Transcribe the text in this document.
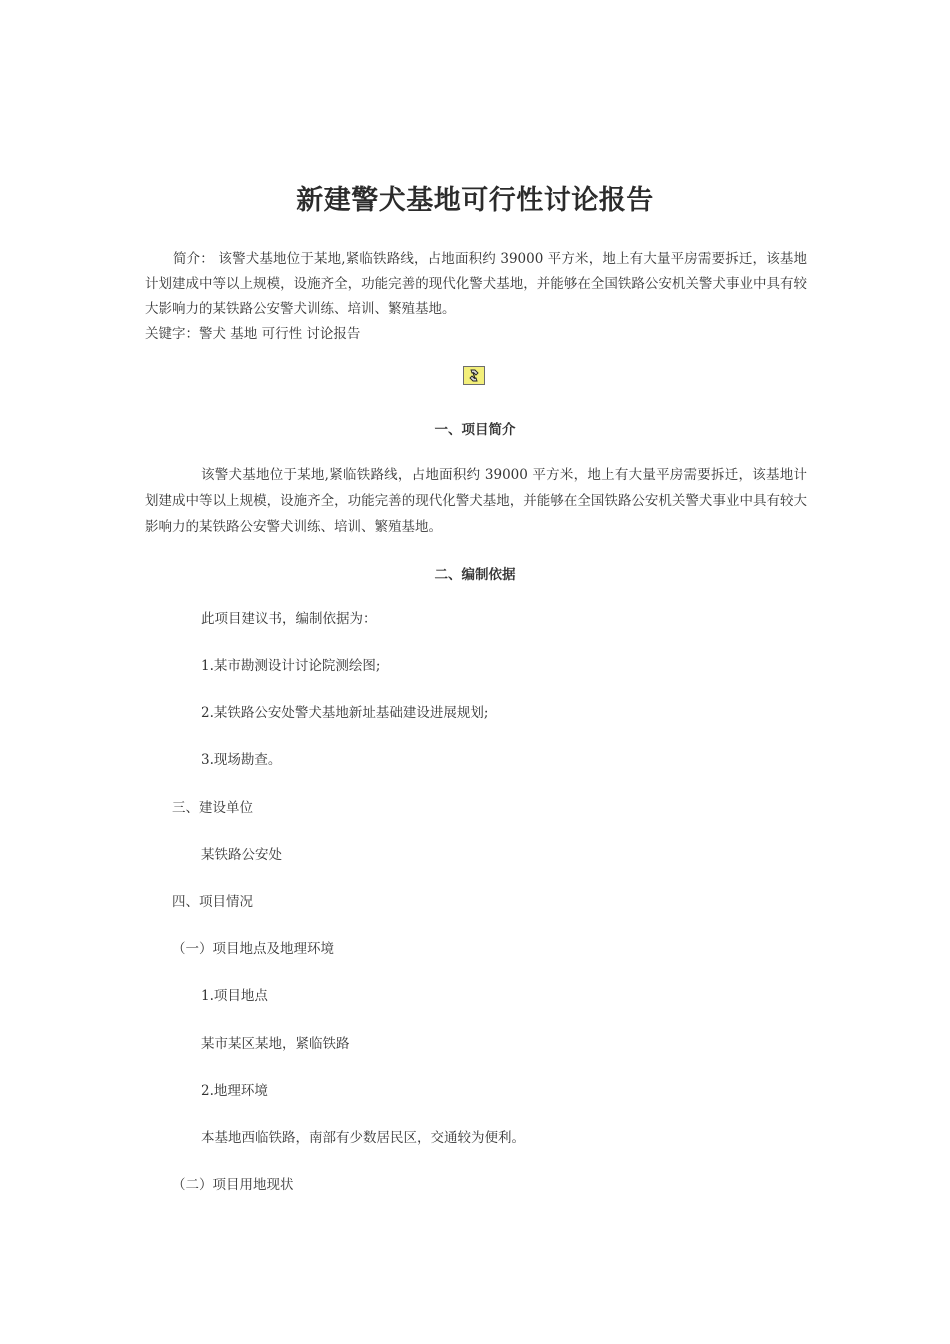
新建警犬基地可行性讨论报告
简介： 该警犬基地位于某地,紧临铁路线，占地面积约 39000 平方米，地上有大量平房需要拆迁，该基地计划建成中等以上规模，设施齐全，功能完善的现代化警犬基地，并能够在全国铁路公安机关警犬事业中具有较大影响力的某铁路公安警犬训练、培训、繁殖基地。
关键字：警犬 基地 可行性 讨论报告
一、项目简介
该警犬基地位于某地,紧临铁路线，占地面积约 39000 平方米，地上有大量平房需要拆迁，该基地计划建成中等以上规模，设施齐全，功能完善的现代化警犬基地，并能够在全国铁路公安机关警犬事业中具有较大影响力的某铁路公安警犬训练、培训、繁殖基地。
二、编制依据
此项目建议书，编制依据为：
1.某市勘测设计讨论院测绘图;
2.某铁路公安处警犬基地新址基础建设进展规划;
3.现场勘查。
三、建设单位
某铁路公安处
四、项目情况
（一）项目地点及地理环境
1.项目地点
某市某区某地，紧临铁路
2.地理环境
本基地西临铁路，南部有少数居民区，交通较为便利。
（二）项目用地现状
